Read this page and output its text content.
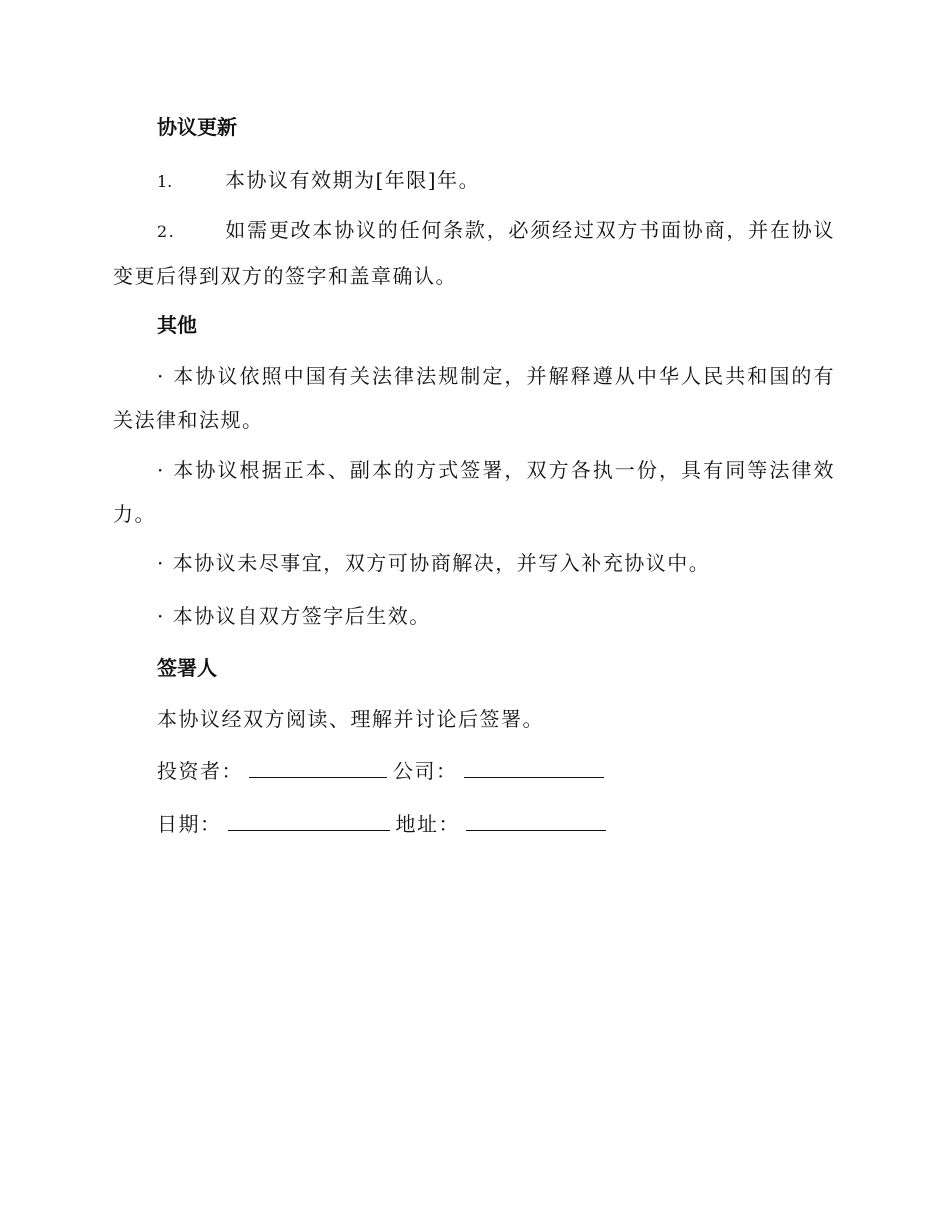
协议更新
1.	本协议有效期为[年限]年。

2. 如需更改本协议的任何条款，必须经过双方书面协商，并在协议变更后得到双方的签字和盖章确认。

其他

· 本协议依照中国有关法律法规制定，并解释遵从中华人民共和国的有关法律和法规。

· 本协议根据正本、副本的方式签署，双方各执一份，具有同等法律效力。

· 本协议未尽事宜，双方可协商解决，并写入补充协议中。

· 本协议自双方签字后生效。

签署人

本协议经双方阅读、理解并讨论后签署。

投资者：	公司：
日期：	地址：
